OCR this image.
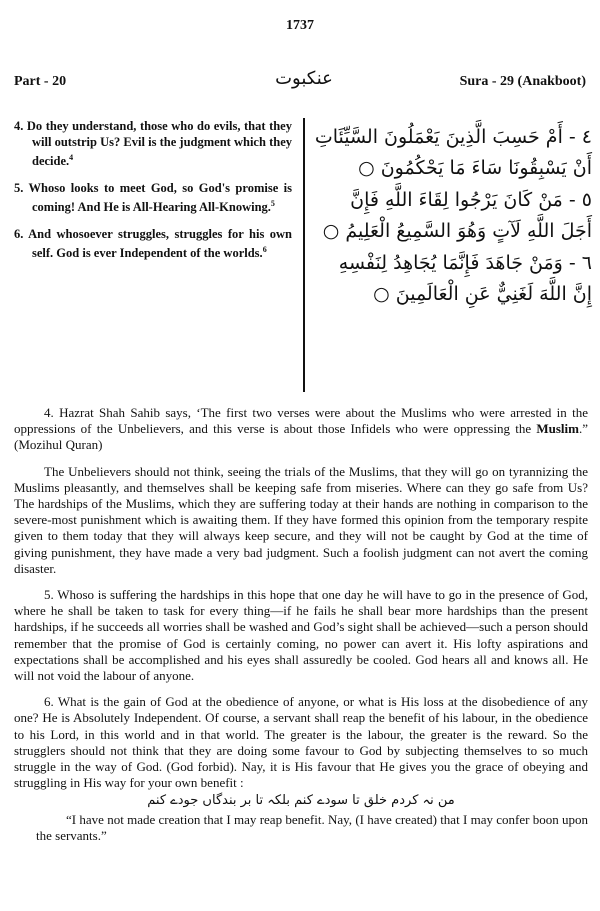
1737
Part - 20	عنکبوت	Sura - 29 (Anakboot)

4. Do they understand, those who do evils, that they will outstrip Us? Evil is the judgment which they decide.$^4$

5. Whoso looks to meet God, so God's promise is coming! And He is All-Hearing All-Knowing.$^5$

6. And whosoever struggles, struggles for his own self. God is ever Independent of the worlds.$^6$

٤ - أَمْ حَسِبَ الَّذِينَ يَعْمَلُونَ السَّيِّئَاتِ أَنْ يَسْبِقُونَا سَاءَ مَا يَحْكُمُونَ ○

٥ - مَنْ كَانَ يَرْجُوا لِقَاءَ اللَّهِ فَإِنَّ أَجَلَ اللَّهِ لَآتٍ وَهُوَ السَّمِيعُ الْعَلِيمُ ○

٦ - وَمَنْ جَاهَدَ فَإِنَّمَا يُجَاهِدُ لِنَفْسِهِ إِنَّ اللَّهَ لَغَنِيٌّ عَنِ الْعَالَمِينَ ○

4. Hazrat Shah Sahib says, ‘The first two verses were about the Muslims who were arrested in the oppressions of the Unbelievers, and this verse is about those Infidels who were oppressing the Muslim.” (Mozihul Quran)

The Unbelievers should not think, seeing the trials of the Muslims, that they will go on tyrannizing the Muslims pleasantly, and themselves shall be keeping safe from miseries. Where can they go safe from Us? The hardships of the Muslims, which they are suffering today at their hands are nothing in comparison to the severe-most punishment which is awaiting them. If they have formed this opinion from the temporary respite given to them today that they will always keep secure, and they will not be caught by God at the time of giving punishment, they have made a very bad judgment. Such a foolish judgment can not avert the coming disaster.

5. Whoso is suffering the hardships in this hope that one day he will have to go in the presence of God, where he shall be taken to task for every thing—if he fails he shall bear more hardships than the present hardships, if he succeeds all worries shall be washed and God’s sight shall be achieved—such a person should remember that the promise of God is certainly coming, no power can avert it. His lofty aspirations and expectations shall be accomplished and his eyes shall assuredly be cooled. God hears all and knows all. He will not void the labour of anyone.

6. What is the gain of God at the obedience of anyone, or what is His loss at the disobedience of any one? He is Absolutely Independent. Of course, a servant shall reap the benefit of his labour, in the obedience to his Lord, in this world and in that world. The greater is the labour, the greater is the reward. So the strugglers should not think that they are doing some favour to God by subjecting themselves to so much struggle in the way of God. (God forbid). Nay, it is His favour that He gives you the grace of obeying and struggling in His way for your own benefit :

من نہ کردم خلق تا سودے کنم بلکہ تا بر بندگاں جودے کنم

“I have not made creation that I may reap benefit. Nay, (I have created) that I may confer boon upon the servants.”
